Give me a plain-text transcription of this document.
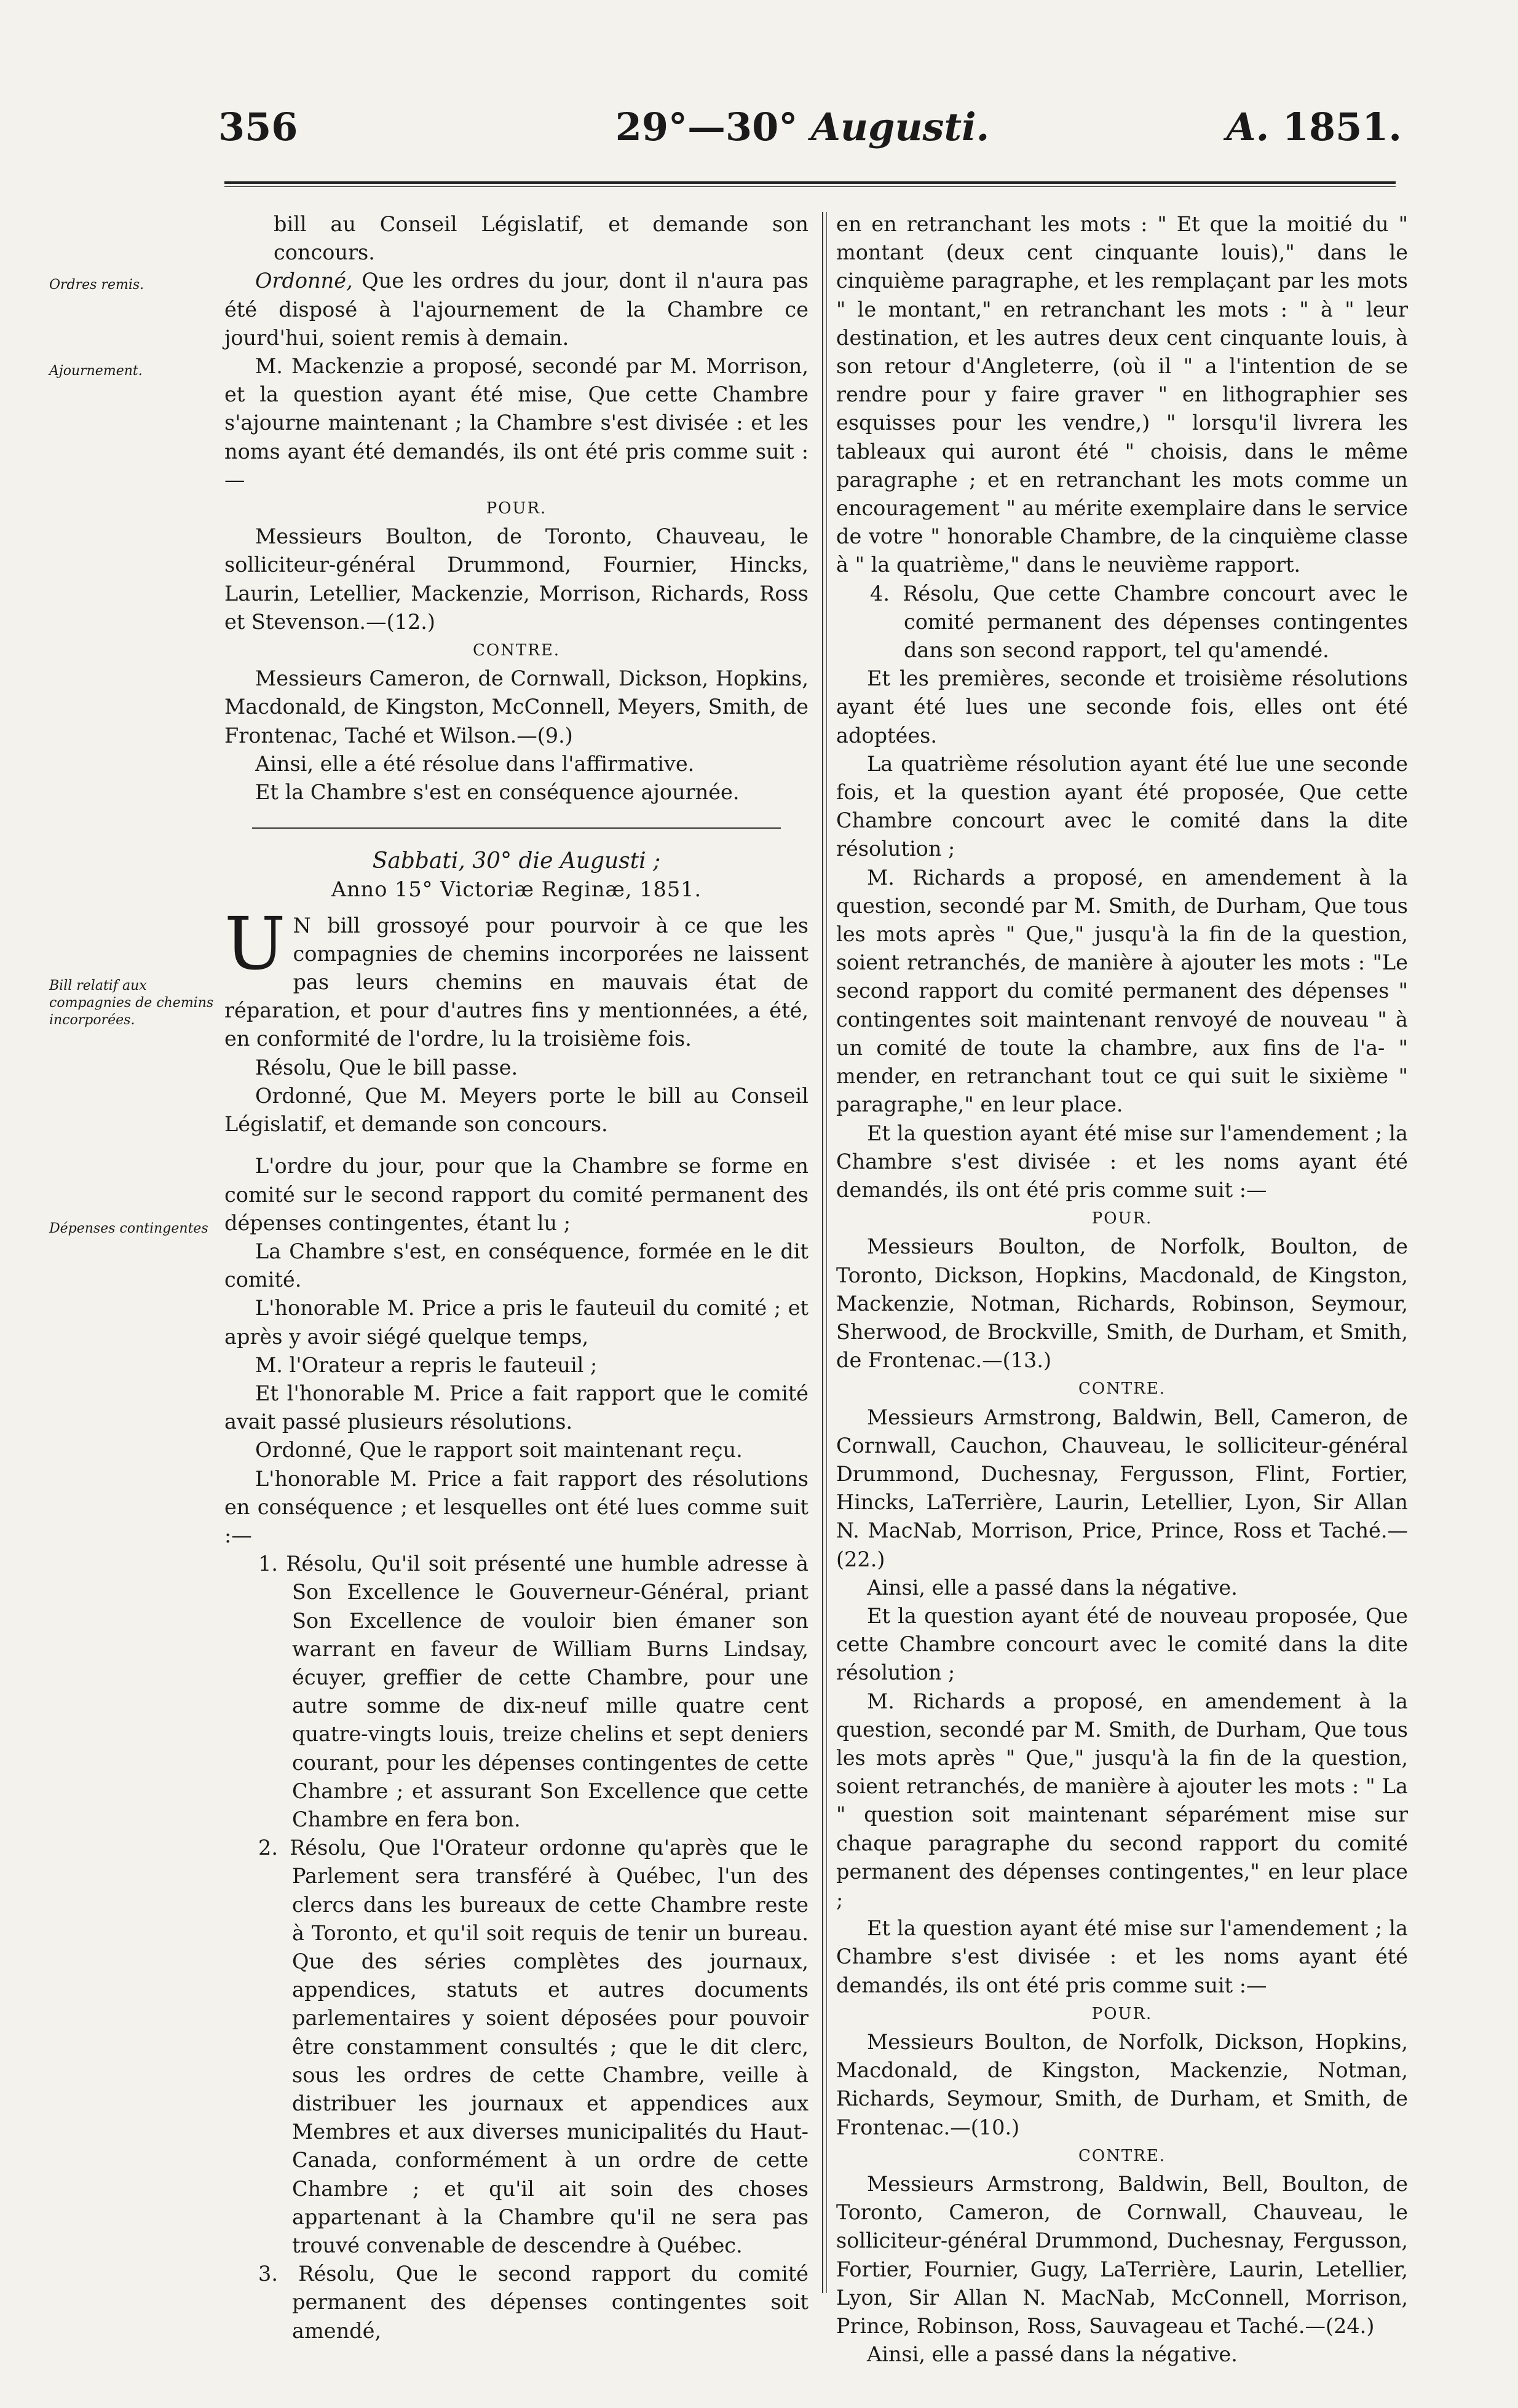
356	29°—30° Augusti.	A. 1851.
Ordres remis.
Ajournement.
Bill relatif aux compagnies de chemins incorporées.
Dépenses contingentes

bill au Conseil Législatif, et demande son concours.

Ordonné, Que les ordres du jour, dont il n'aura pas été disposé à l'ajournement de la Chambre ce jourd'hui, soient remis à demain.

M. Mackenzie a proposé, secondé par M. Morrison, et la question ayant été mise, Que cette Chambre s'ajourne maintenant ; la Chambre s'est divisée : et les noms ayant été demandés, ils ont été pris comme suit :—

POUR.

Messieurs Boulton, de Toronto, Chauveau, le solliciteur-général Drummond, Fournier, Hincks, Laurin, Letellier, Mackenzie, Morrison, Richards, Ross et Stevenson.—(12.)

CONTRE.

Messieurs Cameron, de Cornwall, Dickson, Hopkins, Macdonald, de Kingston, McConnell, Meyers, Smith, de Frontenac, Taché et Wilson.—(9.)

Ainsi, elle a été résolue dans l'affirmative.

Et la Chambre s'est en conséquence ajournée.

Sabbati, 30° die Augusti ;

Anno 15° Victoriæ Reginæ, 1851.

U N bill grossoyé pour pourvoir à ce que les compagnies de chemins incorporées ne laissent pas leurs chemins en mauvais état de réparation, et pour d'autres fins y mentionnées, a été, en conformité de l'ordre, lu la troisième fois.

Résolu, Que le bill passe.

Ordonné, Que M. Meyers porte le bill au Conseil Législatif, et demande son concours.

L'ordre du jour, pour que la Chambre se forme en comité sur le second rapport du comité permanent des dépenses contingentes, étant lu ;

La Chambre s'est, en conséquence, formée en le dit comité.

L'honorable M. Price a pris le fauteuil du comité ; et après y avoir siégé quelque temps,

M. l'Orateur a repris le fauteuil ;

Et l'honorable M. Price a fait rapport que le comité avait passé plusieurs résolutions.

Ordonné, Que le rapport soit maintenant reçu.

L'honorable M. Price a fait rapport des résolutions en conséquence ; et lesquelles ont été lues comme suit :—

1. Résolu, Qu'il soit présenté une humble adresse à Son Excellence le Gouverneur-Général, priant Son Excellence de vouloir bien émaner son warrant en faveur de William Burns Lindsay, écuyer, greffier de cette Chambre, pour une autre somme de dix-neuf mille quatre cent quatre-vingts louis, treize chelins et sept deniers courant, pour les dépenses contingentes de cette Chambre ; et assurant Son Excellence que cette Chambre en fera bon.

2. Résolu, Que l'Orateur ordonne qu'après que le Parlement sera transféré à Québec, l'un des clercs dans les bureaux de cette Chambre reste à Toronto, et qu'il soit requis de tenir un bureau. Que des séries complètes des journaux, appendices, statuts et autres documents parlementaires y soient déposées pour pouvoir être constamment consultés ; que le dit clerc, sous les ordres de cette Chambre, veille à distribuer les journaux et appendices aux Membres et aux diverses municipalités du Haut-Canada, conformément à un ordre de cette Chambre ; et qu'il ait soin des choses appartenant à la Chambre qu'il ne sera pas trouvé convenable de descendre à Québec.

3. Résolu, Que le second rapport du comité permanent des dépenses contingentes soit amendé,

en en retranchant les mots : " Et que la moitié du " montant (deux cent cinquante louis)," dans le cinquième paragraphe, et les remplaçant par les mots " le montant," en retranchant les mots : " à " leur destination, et les autres deux cent cinquante louis, à son retour d'Angleterre, (où il " a l'intention de se rendre pour y faire graver " en lithographier ses esquisses pour les vendre,) " lorsqu'il livrera les tableaux qui auront été " choisis, dans le même paragraphe ; et en retranchant les mots comme un encouragement " au mérite exemplaire dans le service de votre " honorable Chambre, de la cinquième classe à " la quatrième," dans le neuvième rapport.

4. Résolu, Que cette Chambre concourt avec le comité permanent des dépenses contingentes dans son second rapport, tel qu'amendé.

Et les premières, seconde et troisième résolutions ayant été lues une seconde fois, elles ont été adoptées.

La quatrième résolution ayant été lue une seconde fois, et la question ayant été proposée, Que cette Chambre concourt avec le comité dans la dite résolution ;

M. Richards a proposé, en amendement à la question, secondé par M. Smith, de Durham, Que tous les mots après " Que," jusqu'à la fin de la question, soient retranchés, de manière à ajouter les mots : "Le second rapport du comité permanent des dépenses " contingentes soit maintenant renvoyé de nouveau " à un comité de toute la chambre, aux fins de l'a- " mender, en retranchant tout ce qui suit le sixième " paragraphe," en leur place.

Et la question ayant été mise sur l'amendement ; la Chambre s'est divisée : et les noms ayant été demandés, ils ont été pris comme suit :—

POUR.

Messieurs Boulton, de Norfolk, Boulton, de Toronto, Dickson, Hopkins, Macdonald, de Kingston, Mackenzie, Notman, Richards, Robinson, Seymour, Sherwood, de Brockville, Smith, de Durham, et Smith, de Frontenac.—(13.)

CONTRE.

Messieurs Armstrong, Baldwin, Bell, Cameron, de Cornwall, Cauchon, Chauveau, le solliciteur-général Drummond, Duchesnay, Fergusson, Flint, Fortier, Hincks, LaTerrière, Laurin, Letellier, Lyon, Sir Allan N. MacNab, Morrison, Price, Prince, Ross et Taché.—(22.)

Ainsi, elle a passé dans la négative.

Et la question ayant été de nouveau proposée, Que cette Chambre concourt avec le comité dans la dite résolution ;

M. Richards a proposé, en amendement à la question, secondé par M. Smith, de Durham, Que tous les mots après " Que," jusqu'à la fin de la question, soient retranchés, de manière à ajouter les mots : " La " question soit maintenant séparément mise sur chaque paragraphe du second rapport du comité permanent des dépenses contingentes," en leur place ;

Et la question ayant été mise sur l'amendement ; la Chambre s'est divisée : et les noms ayant été demandés, ils ont été pris comme suit :—

POUR.

Messieurs Boulton, de Norfolk, Dickson, Hopkins, Macdonald, de Kingston, Mackenzie, Notman, Richards, Seymour, Smith, de Durham, et Smith, de Frontenac.—(10.)

CONTRE.

Messieurs Armstrong, Baldwin, Bell, Boulton, de Toronto, Cameron, de Cornwall, Chauveau, le solliciteur-général Drummond, Duchesnay, Fergusson, Fortier, Fournier, Gugy, LaTerrière, Laurin, Letellier, Lyon, Sir Allan N. MacNab, McConnell, Morrison, Prince, Robinson, Ross, Sauvageau et Taché.—(24.)

Ainsi, elle a passé dans la négative.
